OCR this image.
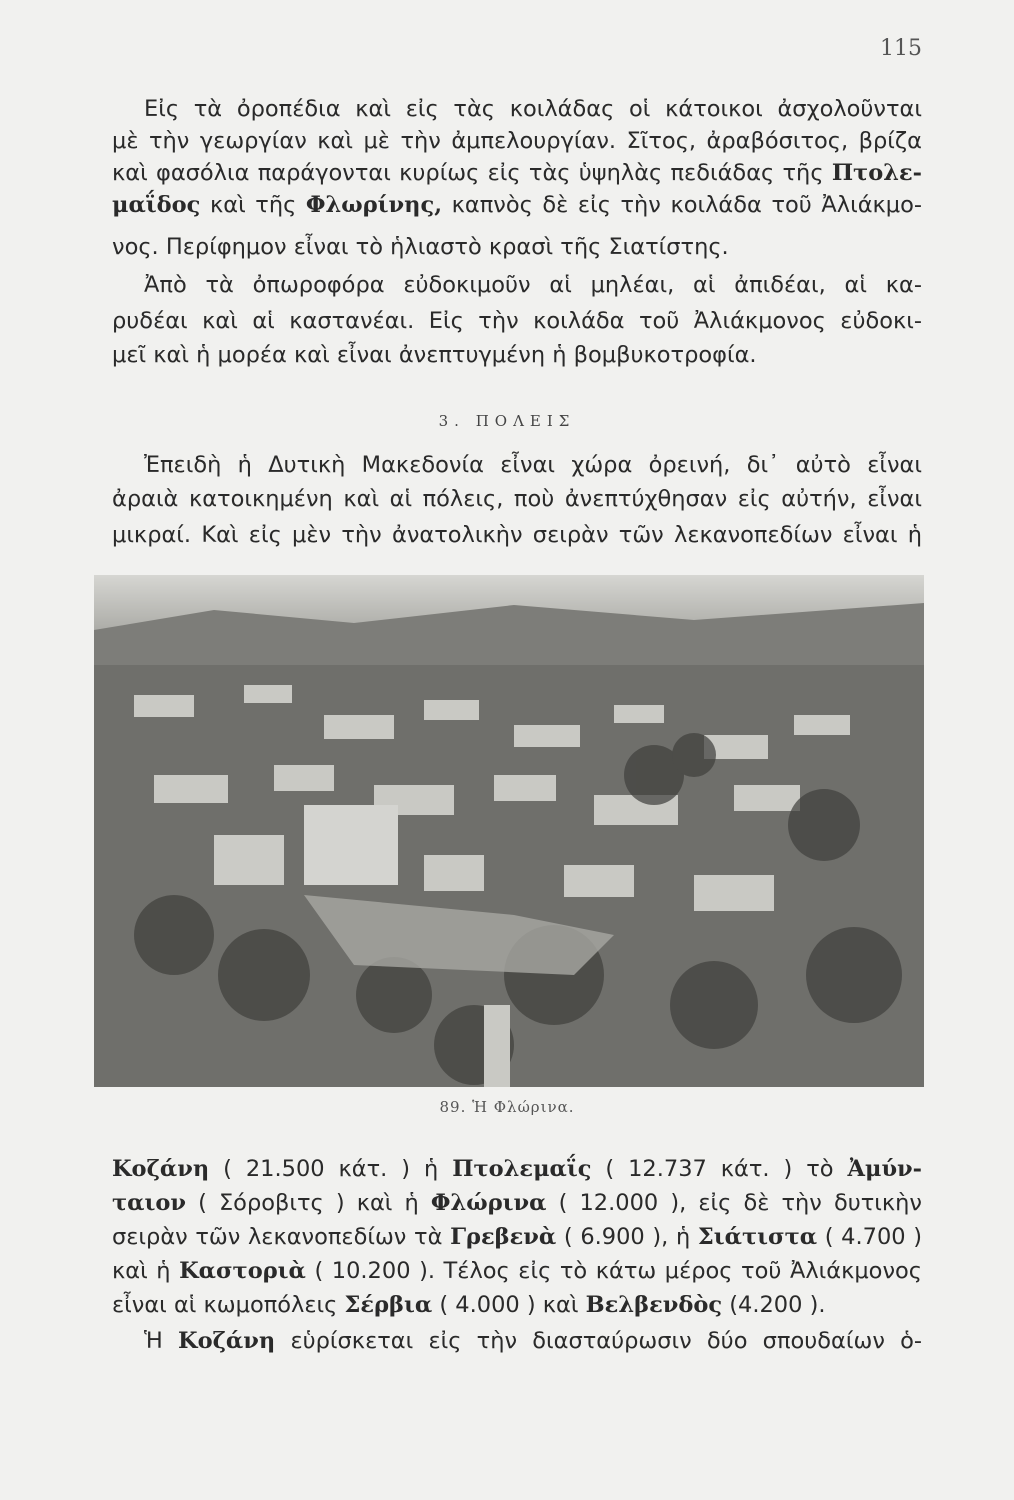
115
Εἰς τὰ ὀροπέδια καὶ εἰς τὰς κοιλάδας οἱ κάτοικοι ἀσχολοῦνται
μὲ τὴν γεωργίαν καὶ μὲ τὴν ἀμπελουργίαν. Σῖτος, ἀραβόσιτος, βρίζα
καὶ φασόλια παράγονται κυρίως εἰς τὰς ὑψηλὰς πεδιάδας τῆς Πτολε-
μαΐδος καὶ τῆς Φλωρίνης, καπνὸς δὲ εἰς τὴν κοιλάδα τοῦ Ἀλιάκμο-
νος. Περίφημον εἶναι τὸ ἡλιαστὸ κρασὶ τῆς Σιατίστης.
Ἀπὸ τὰ ὀπωροφόρα εὐδοκιμοῦν αἱ μηλέαι, αἱ ἀπιδέαι, αἱ κα-
ρυδέαι καὶ αἱ καστανέαι. Εἰς τὴν κοιλάδα τοῦ Ἀλιάκμονος εὐδοκι-
μεῖ καὶ ἡ μορέα καὶ εἶναι ἀνεπτυγμένη ἡ βομβυκοτροφία.
3. ΠΟΛΕΙΣ
Ἐπειδὴ ἡ Δυτικὴ Μακεδονία εἶναι χώρα ὀρεινή, δι᾽ αὐτὸ εἶναι
ἀραιὰ κατοικημένη καὶ αἱ πόλεις, ποὺ ἀνεπτύχθησαν εἰς αὐτήν, εἶναι
μικραί. Καὶ εἰς μὲν τὴν ἀνατολικὴν σειρὰν τῶν λεκανοπεδίων εἶναι ἡ
89. Ἡ Φλώρινα.
Κοζάνη ( 21.500 κάτ. ) ἡ Πτολεμαΐς ( 12.737 κάτ. ) τὸ Ἀμύν-
ταιον ( Σόροβιτς ) καὶ ἡ Φλώρινα ( 12.000 ), εἰς δὲ τὴν δυτικὴν
σειρὰν τῶν λεκανοπεδίων τὰ Γρεβενὰ ( 6.900 ), ἡ Σιάτιστα ( 4.700 )
καὶ ἡ Καστοριὰ ( 10.200 ). Τέλος εἰς τὸ κάτω μέρος τοῦ Ἀλιάκμονος
εἶναι αἱ κωμοπόλεις Σέρβια ( 4.000 ) καὶ Βελβενδὸς (4.200 ).
Ἡ Κοζάνη εὑρίσκεται εἰς τὴν διασταύρωσιν δύο σπουδαίων ὁ-
